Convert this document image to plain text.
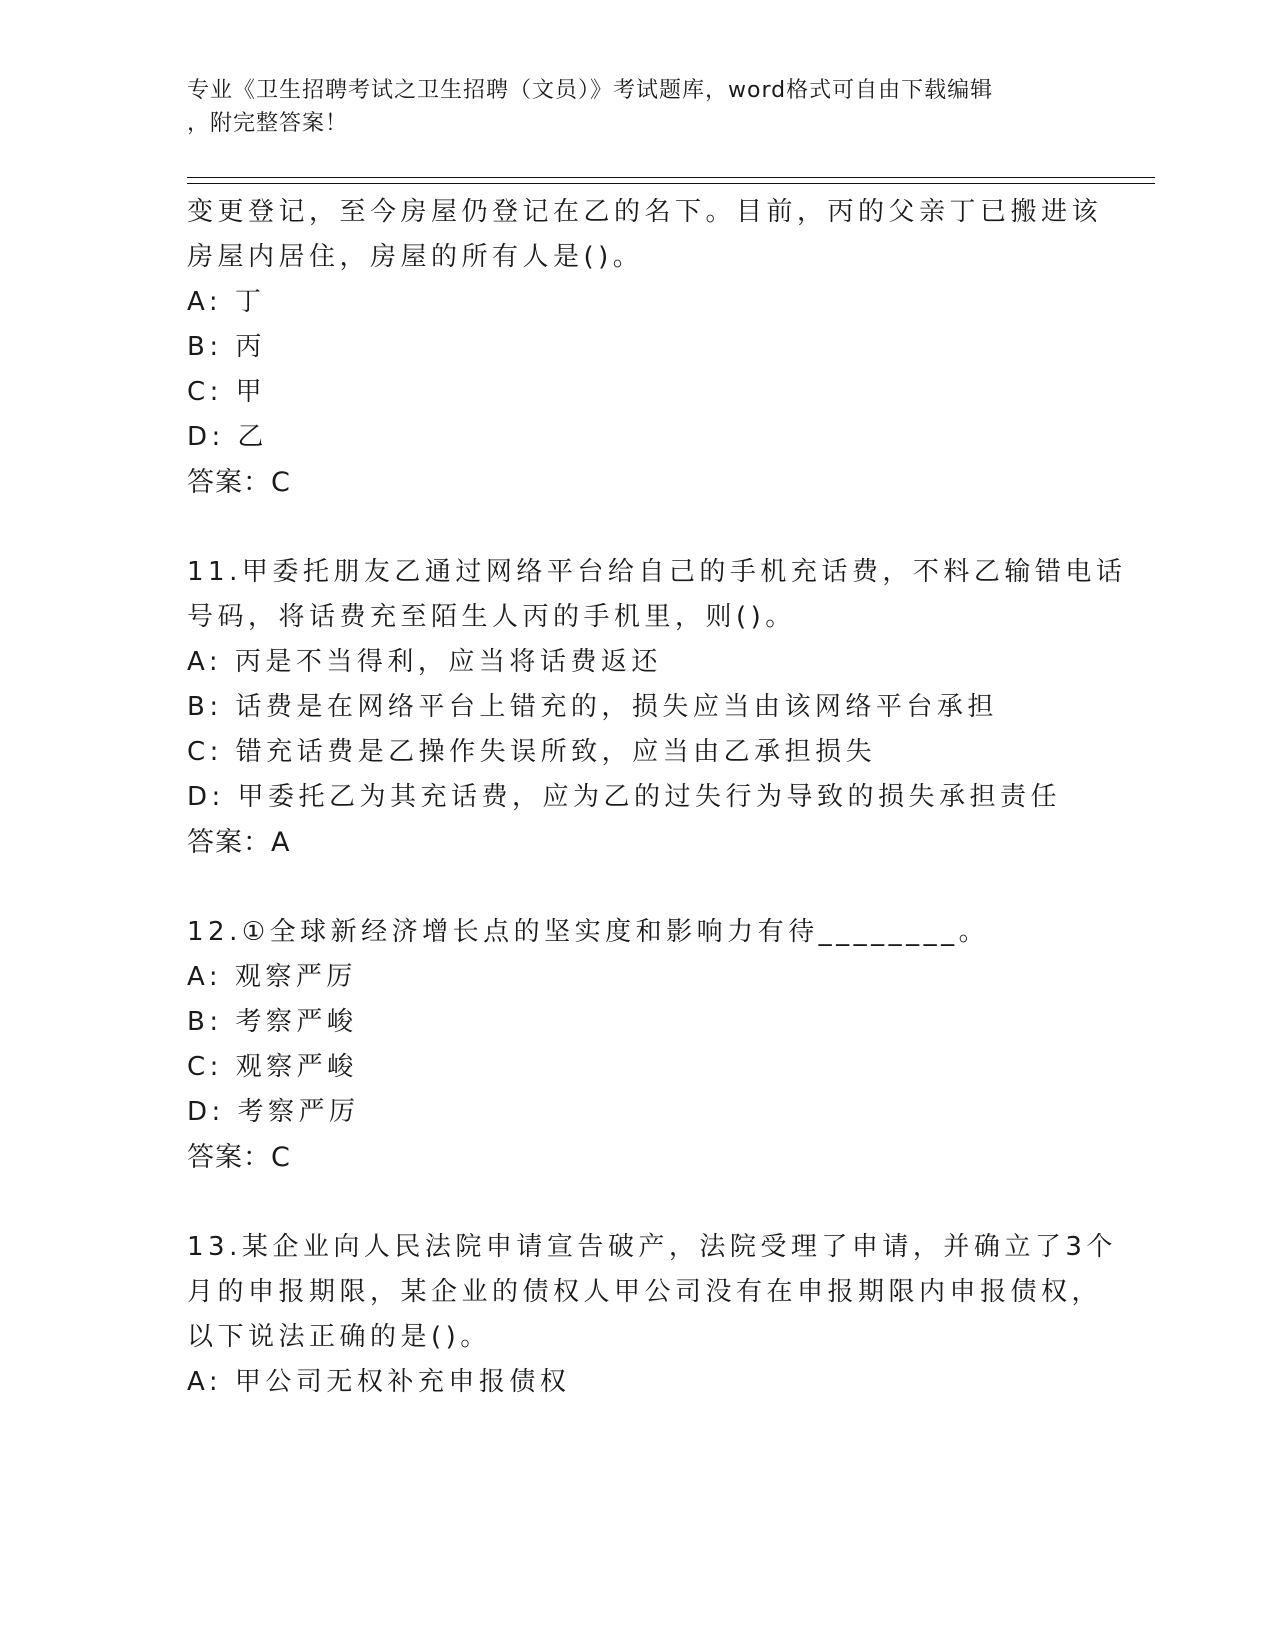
专业《卫生招聘考试之卫生招聘（文员）》考试题库，word格式可自由下载编辑
，附完整答案！
变更登记，至今房屋仍登记在乙的名下。目前，丙的父亲丁已搬进该
房屋内居住，房屋的所有人是()。
A: 丁
B: 丙
C: 甲
D: 乙
答案：C
11.甲委托朋友乙通过网络平台给自己的手机充话费，不料乙输错电话
号码，将话费充至陌生人丙的手机里，则()。
A: 丙是不当得利，应当将话费返还
B: 话费是在网络平台上错充的，损失应当由该网络平台承担
C: 错充话费是乙操作失误所致，应当由乙承担损失
D: 甲委托乙为其充话费，应为乙的过失行为导致的损失承担责任
答案：A
12.①全球新经济增长点的坚实度和影响力有待________。
A: 观察严厉
B: 考察严峻
C: 观察严峻
D: 考察严厉
答案：C
13.某企业向人民法院申请宣告破产，法院受理了申请，并确立了3个
月的申报期限，某企业的债权人甲公司没有在申报期限内申报债权，
以下说法正确的是()。
A: 甲公司无权补充申报债权
